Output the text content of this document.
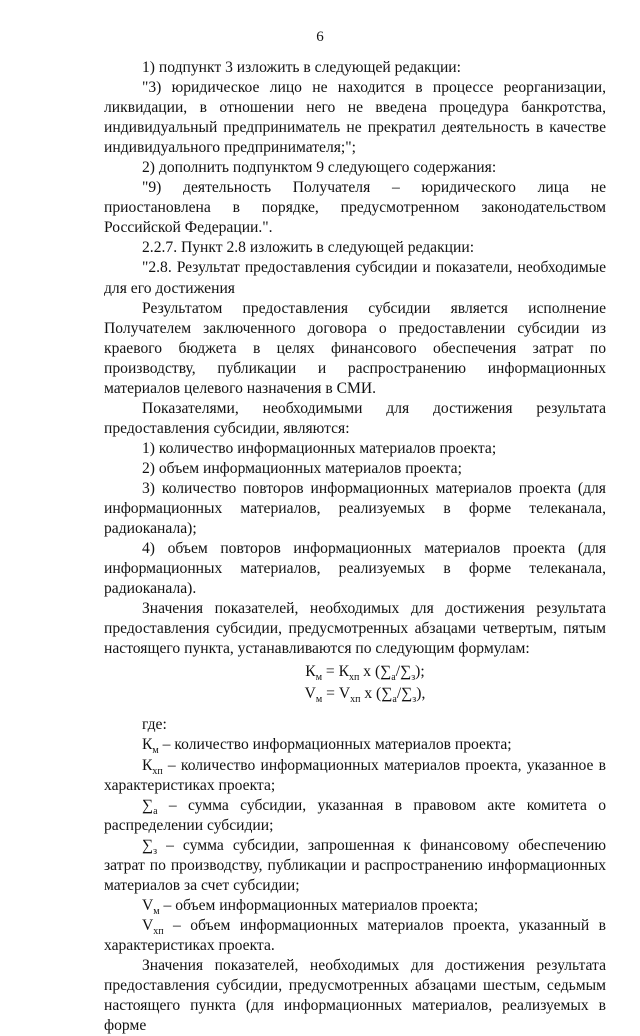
6

1) подпункт 3 изложить в следующей редакции:

"3) юридическое лицо не находится в процессе реорганизации, ликвидации, в отношении него не введена процедура банкротства, индивидуальный предприниматель не прекратил деятельность в качестве индивидуального предпринимателя;";

2) дополнить подпунктом 9 следующего содержания:

"9) деятельность Получателя – юридического лица не приостановлена в порядке, предусмотренном законодательством Российской Федерации.".

2.2.7. Пункт 2.8 изложить в следующей редакции:

"2.8. Результат предоставления субсидии и показатели, необходимые для его достижения

Результатом предоставления субсидии является исполнение Получателем заключенного договора о предоставлении субсидии из краевого бюджета в целях финансового обеспечения затрат по производству, публикации и распространению информационных материалов целевого назначения в СМИ.

Показателями, необходимыми для достижения результата предоставления субсидии, являются:

1) количество информационных материалов проекта;

2) объем информационных материалов проекта;

3) количество повторов информационных материалов проекта (для информационных материалов, реализуемых в форме телеканала, радиоканала);

4) объем повторов информационных материалов проекта (для информационных материалов, реализуемых в форме телеканала, радиоканала).

Значения показателей, необходимых для достижения результата предоставления субсидии, предусмотренных абзацами четвертым, пятым настоящего пункта, устанавливаются по следующим формулам:

$К_м = К_{хп}$ х $(\sum_а/\sum_з)$;

$V_м = V_{хп}$ х $(\sum_а/\sum_з)$,

где:

$К_м$ – количество информационных материалов проекта;

$К_{хп}$ – количество информационных материалов проекта, указанное в характеристиках проекта;

$\sum_а$ – сумма субсидии, указанная в правовом акте комитета о распределении субсидии;

$\sum_з$ – сумма субсидии, запрошенная к финансовому обеспечению затрат по производству, публикации и распространению информационных материалов за счет субсидии;

$V_м$ – объем информационных материалов проекта;

$V_{хп}$ – объем информационных материалов проекта, указанный в характеристиках проекта.

Значения показателей, необходимых для достижения результата предоставления субсидии, предусмотренных абзацами шестым, седьмым настоящего пункта (для информационных материалов, реализуемых в форме
